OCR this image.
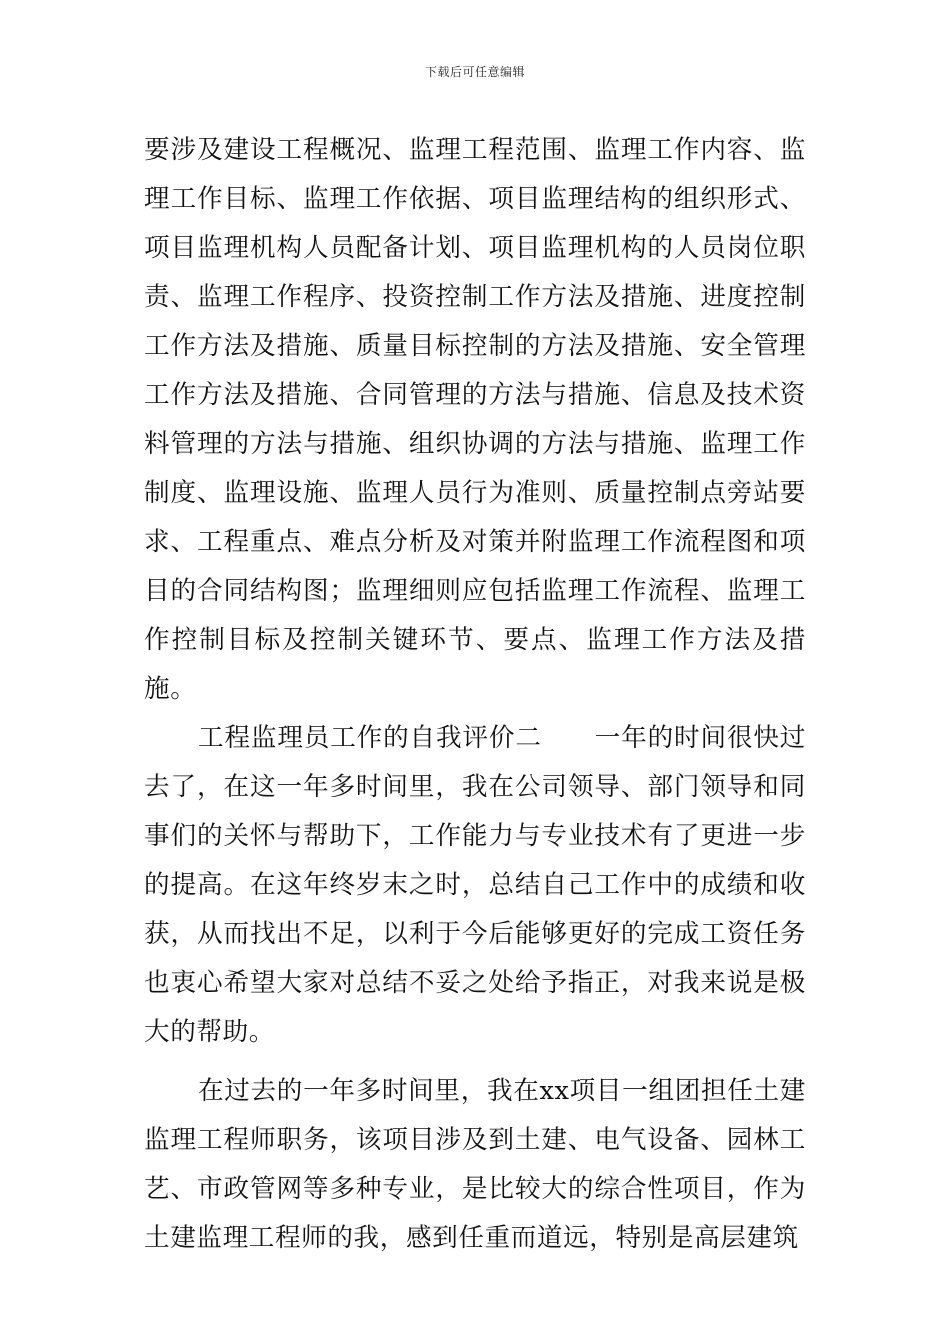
下载后可任意编辑

要涉及建设工程概况、监理工程范围、监理工作内容、监理工作目标、监理工作依据、项目监理结构的组织形式、项目监理机构人员配备计划、项目监理机构的人员岗位职责、监理工作程序、投资控制工作方法及措施、进度控制工作方法及措施、质量目标控制的方法及措施、安全管理工作方法及措施、合同管理的方法与措施、信息及技术资料管理的方法与措施、组织协调的方法与措施、监理工作制度、监理设施、监理人员行为准则、质量控制点旁站要求、工程重点、难点分析及对策并附监理工作流程图和项目的合同结构图；监理细则应包括监理工作流程、监理工作控制目标及控制关键环节、要点、监理工作方法及措施。

工程监理员工作的自我评价二　　一年的时间很快过去了，在这一年多时间里，我在公司领导、部门领导和同事们的关怀与帮助下，工作能力与专业技术有了更进一步的提高。在这年终岁末之时，总结自己工作中的成绩和收获，从而找出不足，以利于今后能够更好的完成工资任务也衷心希望大家对总结不妥之处给予指正，对我来说是极大的帮助。

在过去的一年多时间里，我在xx项目一组团担任土建监理工程师职务，该项目涉及到土建、电气设备、园林工艺、市政管网等多种专业，是比较大的综合性项目，作为土建监理工程师的我，感到任重而道远，特别是高层建筑
